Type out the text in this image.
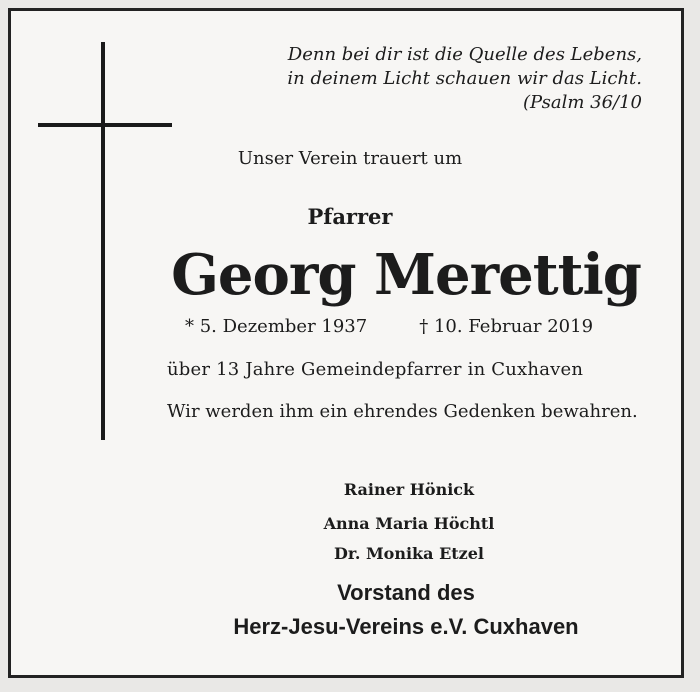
Denn bei dir ist die Quelle des Lebens,
in deinem Licht schauen wir das Licht.
(Psalm 36/10
Unser Verein trauert um
Pfarrer
Georg Merettig
* 5. Dezember 1937	† 10. Februar 2019
über 13 Jahre Gemeindepfarrer in Cuxhaven
Wir werden ihm ein ehrendes Gedenken bewahren.
Rainer Hönick
Anna Maria Höchtl
Dr. Monika Etzel
Vorstand des
Herz-Jesu-Vereins e.V. Cuxhaven
